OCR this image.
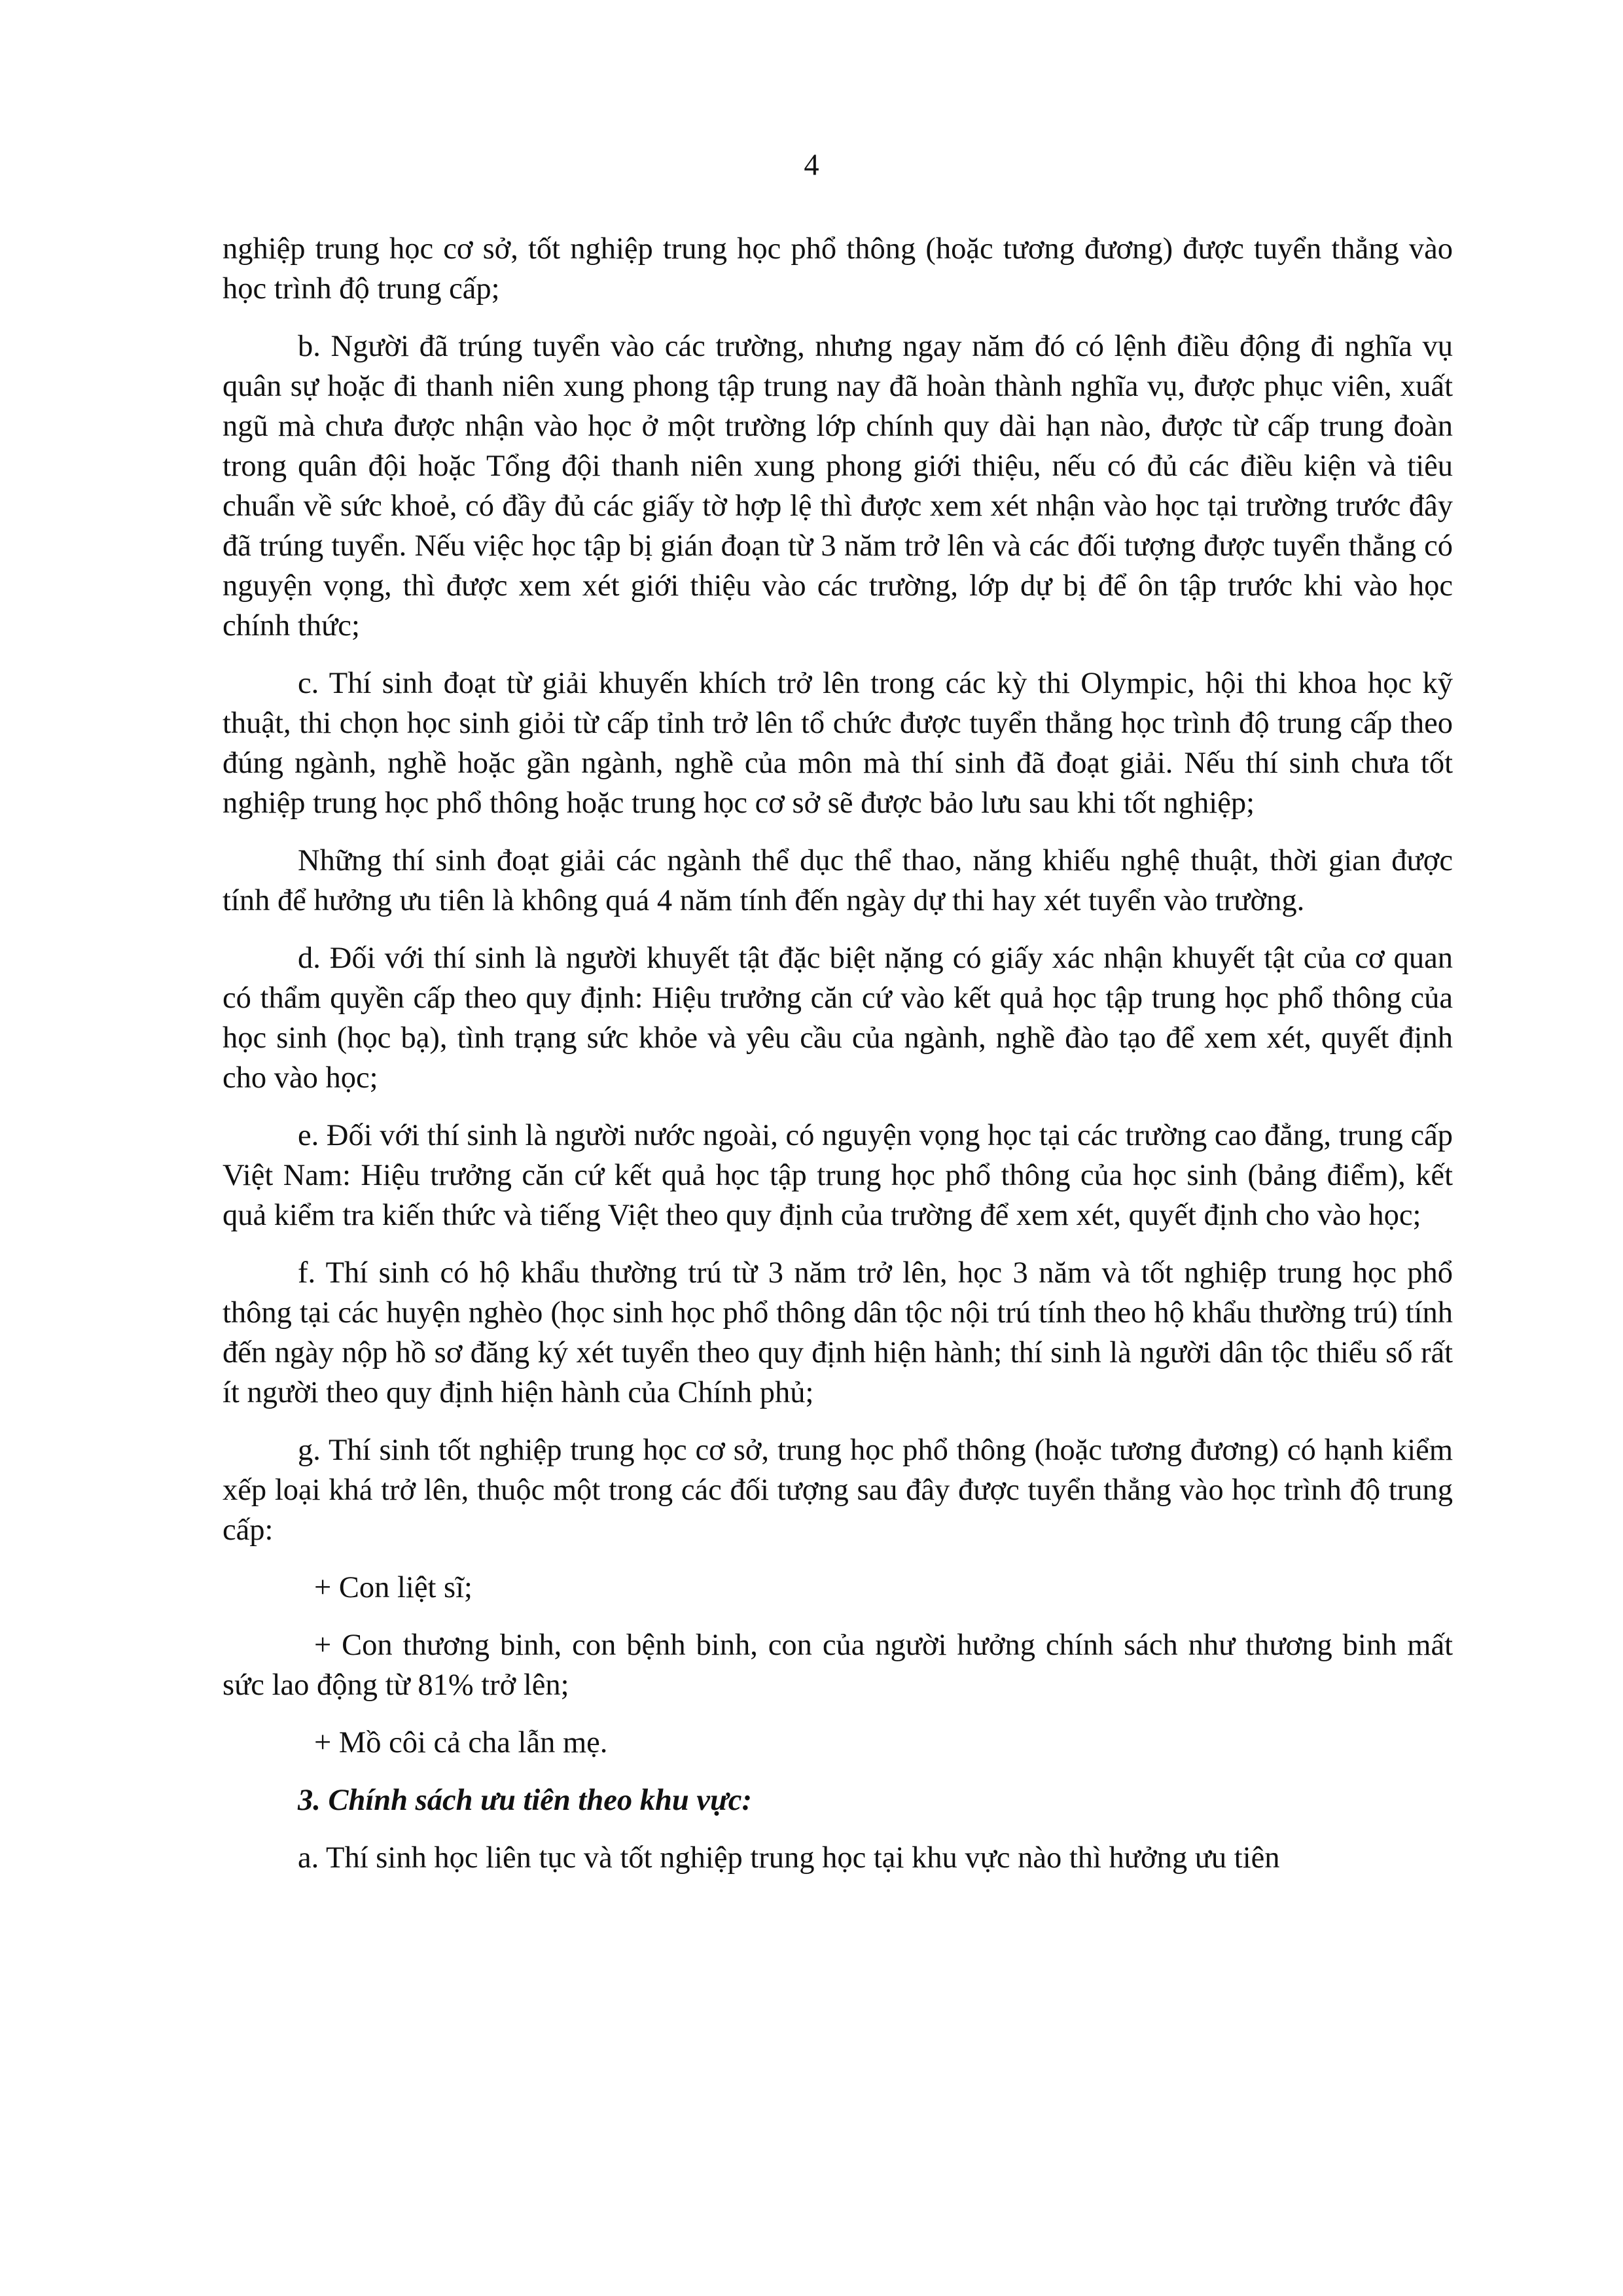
4

nghiệp trung học cơ sở, tốt nghiệp trung học phổ thông (hoặc tương đương) được tuyển thẳng vào học trình độ trung cấp;

b. Người đã trúng tuyển vào các trường, nhưng ngay năm đó có lệnh điều động đi nghĩa vụ quân sự hoặc đi thanh niên xung phong tập trung nay đã hoàn thành nghĩa vụ, được phục viên, xuất ngũ mà chưa được nhận vào học ở một trường lớp chính quy dài hạn nào, được từ cấp trung đoàn trong quân đội hoặc Tổng đội thanh niên xung phong giới thiệu, nếu có đủ các điều kiện và tiêu chuẩn về sức khoẻ, có đầy đủ các giấy tờ hợp lệ thì được xem xét nhận vào học tại trường trước đây đã trúng tuyển. Nếu việc học tập bị gián đoạn từ 3 năm trở lên và các đối tượng được tuyển thẳng có nguyện vọng, thì được xem xét giới thiệu vào các trường, lớp dự bị để ôn tập trước khi vào học chính thức;

c. Thí sinh đoạt từ giải khuyến khích trở lên trong các kỳ thi Olympic, hội thi khoa học kỹ thuật, thi chọn học sinh giỏi từ cấp tỉnh trở lên tổ chức được tuyển thẳng học trình độ trung cấp theo đúng ngành, nghề hoặc gần ngành, nghề của môn mà thí sinh đã đoạt giải. Nếu thí sinh chưa tốt nghiệp trung học phổ thông hoặc trung học cơ sở sẽ được bảo lưu sau khi tốt nghiệp;

Những thí sinh đoạt giải các ngành thể dục thể thao, năng khiếu nghệ thuật, thời gian được tính để hưởng ưu tiên là không quá 4 năm tính đến ngày dự thi hay xét tuyển vào trường.

d. Đối với thí sinh là người khuyết tật đặc biệt nặng có giấy xác nhận khuyết tật của cơ quan có thẩm quyền cấp theo quy định: Hiệu trưởng căn cứ vào kết quả học tập trung học phổ thông của học sinh (học bạ), tình trạng sức khỏe và yêu cầu của ngành, nghề đào tạo để xem xét, quyết định cho vào học;

e. Đối với thí sinh là người nước ngoài, có nguyện vọng học tại các trường cao đẳng, trung cấp Việt Nam: Hiệu trưởng căn cứ kết quả học tập trung học phổ thông của học sinh (bảng điểm), kết quả kiểm tra kiến thức và tiếng Việt theo quy định của trường để xem xét, quyết định cho vào học;

f. Thí sinh có hộ khẩu thường trú từ 3 năm trở lên, học 3 năm và tốt nghiệp trung học phổ thông tại các huyện nghèo (học sinh học phổ thông dân tộc nội trú tính theo hộ khẩu thường trú) tính đến ngày nộp hồ sơ đăng ký xét tuyển theo quy định hiện hành; thí sinh là người dân tộc thiểu số rất ít người theo quy định hiện hành của Chính phủ;

g. Thí sinh tốt nghiệp trung học cơ sở, trung học phổ thông (hoặc tương đương) có hạnh kiểm xếp loại khá trở lên, thuộc một trong các đối tượng sau đây được tuyển thẳng vào học trình độ trung cấp:

+ Con liệt sĩ;

+ Con thương binh, con bệnh binh, con của người hưởng chính sách như thương binh mất sức lao động từ 81% trở lên;

+ Mồ côi cả cha lẫn mẹ.

3. Chính sách ưu tiên theo khu vực:

a. Thí sinh học liên tục và tốt nghiệp trung học tại khu vực nào thì hưởng ưu tiên
